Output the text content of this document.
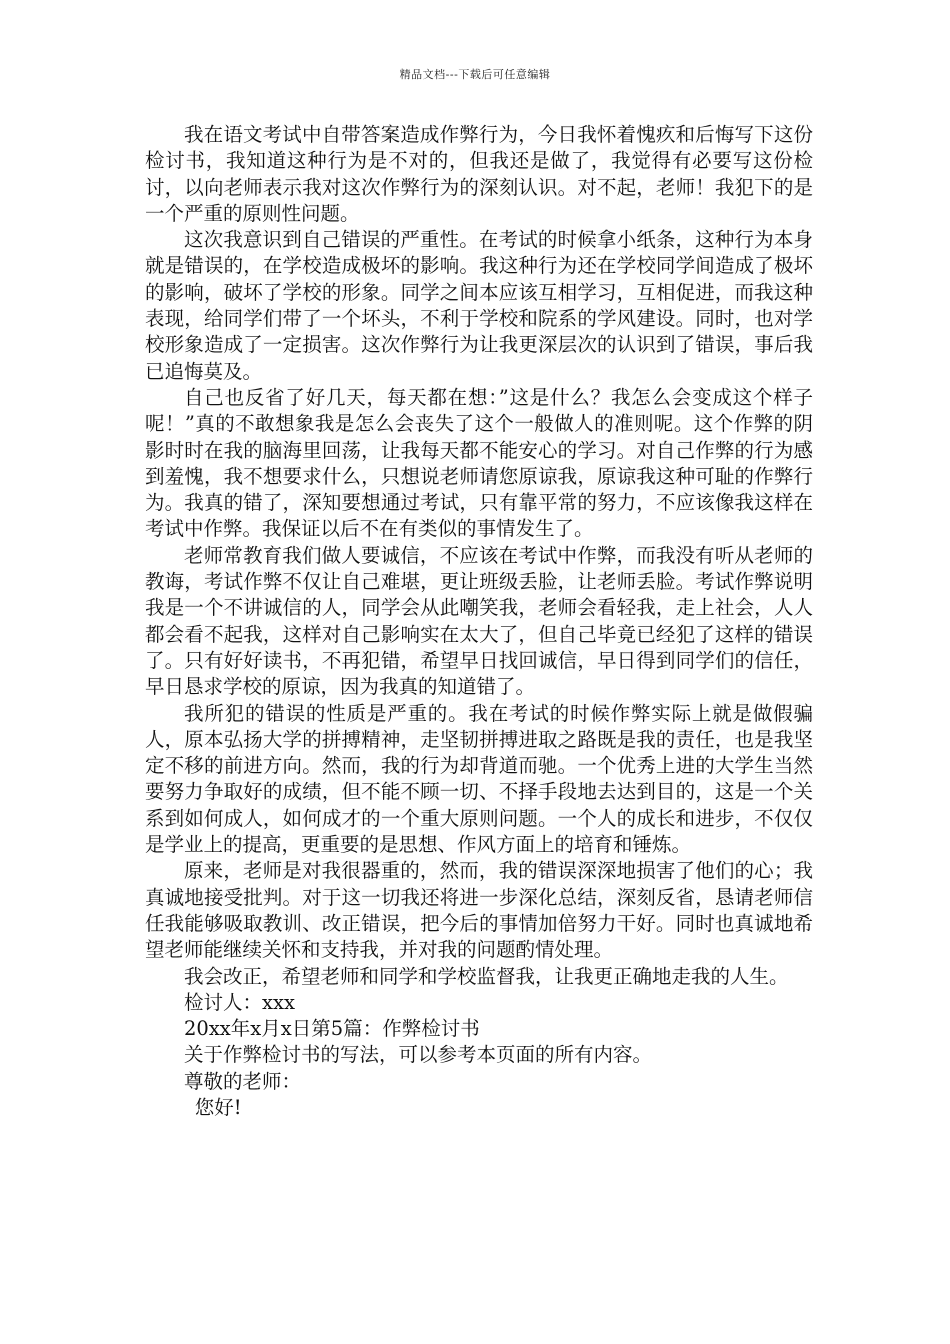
精品文档---下载后可任意编辑

我在语文考试中自带答案造成作弊行为，今日我怀着愧疚和后悔写下这份检讨书，我知道这种行为是不对的，但我还是做了，我觉得有必要写这份检讨，以向老师表示我对这次作弊行为的深刻认识。对不起，老师！我犯下的是一个严重的原则性问题。

这次我意识到自己错误的严重性。在考试的时候拿小纸条，这种行为本身就是错误的，在学校造成极坏的影响。我这种行为还在学校同学间造成了极坏的影响，破坏了学校的形象。同学之间本应该互相学习，互相促进，而我这种表现，给同学们带了一个坏头，不利于学校和院系的学风建设。同时，也对学校形象造成了一定损害。这次作弊行为让我更深层次的认识到了错误，事后我已追悔莫及。

自己也反省了好几天，每天都在想：”这是什么？我怎么会变成这个样子呢！”真的不敢想象我是怎么会丧失了这个一般做人的准则呢。这个作弊的阴影时时在我的脑海里回荡，让我每天都不能安心的学习。对自己作弊的行为感到羞愧，我不想要求什么，只想说老师请您原谅我，原谅我这种可耻的作弊行为。我真的错了，深知要想通过考试，只有靠平常的努力，不应该像我这样在考试中作弊。我保证以后不在有类似的事情发生了。

老师常教育我们做人要诚信，不应该在考试中作弊，而我没有听从老师的教诲，考试作弊不仅让自己难堪，更让班级丢脸，让老师丢脸。考试作弊说明我是一个不讲诚信的人，同学会从此嘲笑我，老师会看轻我，走上社会，人人都会看不起我，这样对自己影响实在太大了，但自己毕竟已经犯了这样的错误了。只有好好读书，不再犯错，希望早日找回诚信，早日得到同学们的信任，早日恳求学校的原谅，因为我真的知道错了。

我所犯的错误的性质是严重的。我在考试的时候作弊实际上就是做假骗人，原本弘扬大学的拼搏精神，走坚韧拼搏进取之路既是我的责任，也是我坚定不移的前进方向。然而，我的行为却背道而驰。一个优秀上进的大学生当然要努力争取好的成绩，但不能不顾一切、不择手段地去达到目的，这是一个关系到如何成人，如何成才的一个重大原则问题。一个人的成长和进步，不仅仅是学业上的提高，更重要的是思想、作风方面上的培育和锤炼。

原来，老师是对我很器重的，然而，我的错误深深地损害了他们的心；我真诚地接受批判。对于这一切我还将进一步深化总结，深刻反省，恳请老师信任我能够吸取教训、改正错误，把今后的事情加倍努力干好。同时也真诚地希望老师能继续关怀和支持我，并对我的问题酌情处理。

我会改正，希望老师和同学和学校监督我，让我更正确地走我的人生。

检讨人：xxx

20xx年x月x日第5篇：作弊检讨书

关于作弊检讨书的写法，可以参考本页面的所有内容。

尊敬的老师：

您好!
